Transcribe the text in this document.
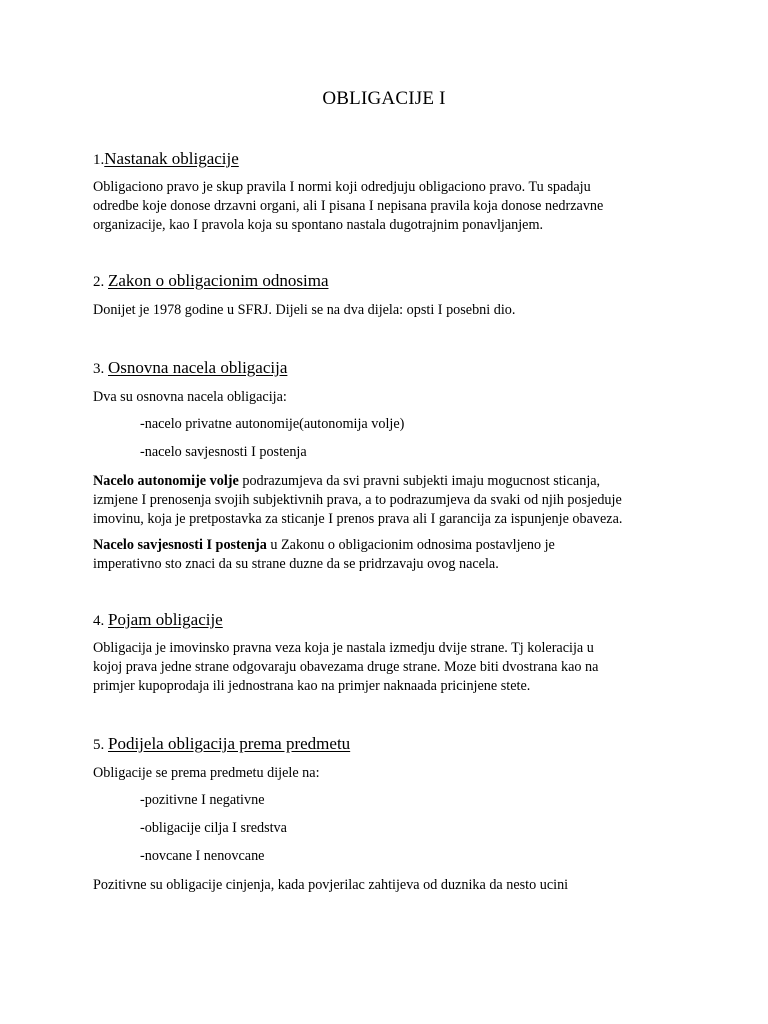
OBLIGACIJE I
1.Nastanak obligacije
Obligaciono pravo je skup pravila I normi koji odredjuju obligaciono pravo. Tu spadaju
odredbe koje donose drzavni organi, ali I pisana I nepisana pravila koja donose nedrzavne
organizacije, kao I pravola koja su spontano nastala dugotrajnim ponavljanjem.
2. Zakon o obligacionim odnosima
Donijet je 1978 godine u SFRJ. Dijeli se na dva dijela: opsti I posebni dio.
3. Osnovna nacela obligacija
Dva su osnovna nacela obligacija:
-nacelo privatne autonomije(autonomija volje)
-nacelo savjesnosti I postenja
Nacelo autonomije volje podrazumjeva da svi pravni subjekti imaju mogucnost sticanja,
izmjene I prenosenja svojih subjektivnih prava, a to podrazumjeva da svaki od njih posjeduje
imovinu, koja je pretpostavka za sticanje I prenos prava ali I garancija za ispunjenje obaveza.
Nacelo savjesnosti I postenja u Zakonu o obligacionim odnosima postavljeno je
imperativno sto znaci da su strane duzne da se pridrzavaju ovog nacela.
4. Pojam obligacije
Obligacija je imovinsko pravna veza koja je nastala izmedju dvije strane. Tj koleracija u
kojoj prava jedne strane odgovaraju obavezama druge strane. Moze biti dvostrana kao na
primjer kupoprodaja ili jednostrana kao na primjer naknaada pricinjene stete.
5. Podijela obligacija prema predmetu
Obligacije se prema predmetu dijele na:
-pozitivne I negativne
-obligacije cilja I sredstva
-novcane I nenovcane
Pozitivne su obligacije cinjenja, kada povjerilac zahtijeva od duznika da nesto ucini
